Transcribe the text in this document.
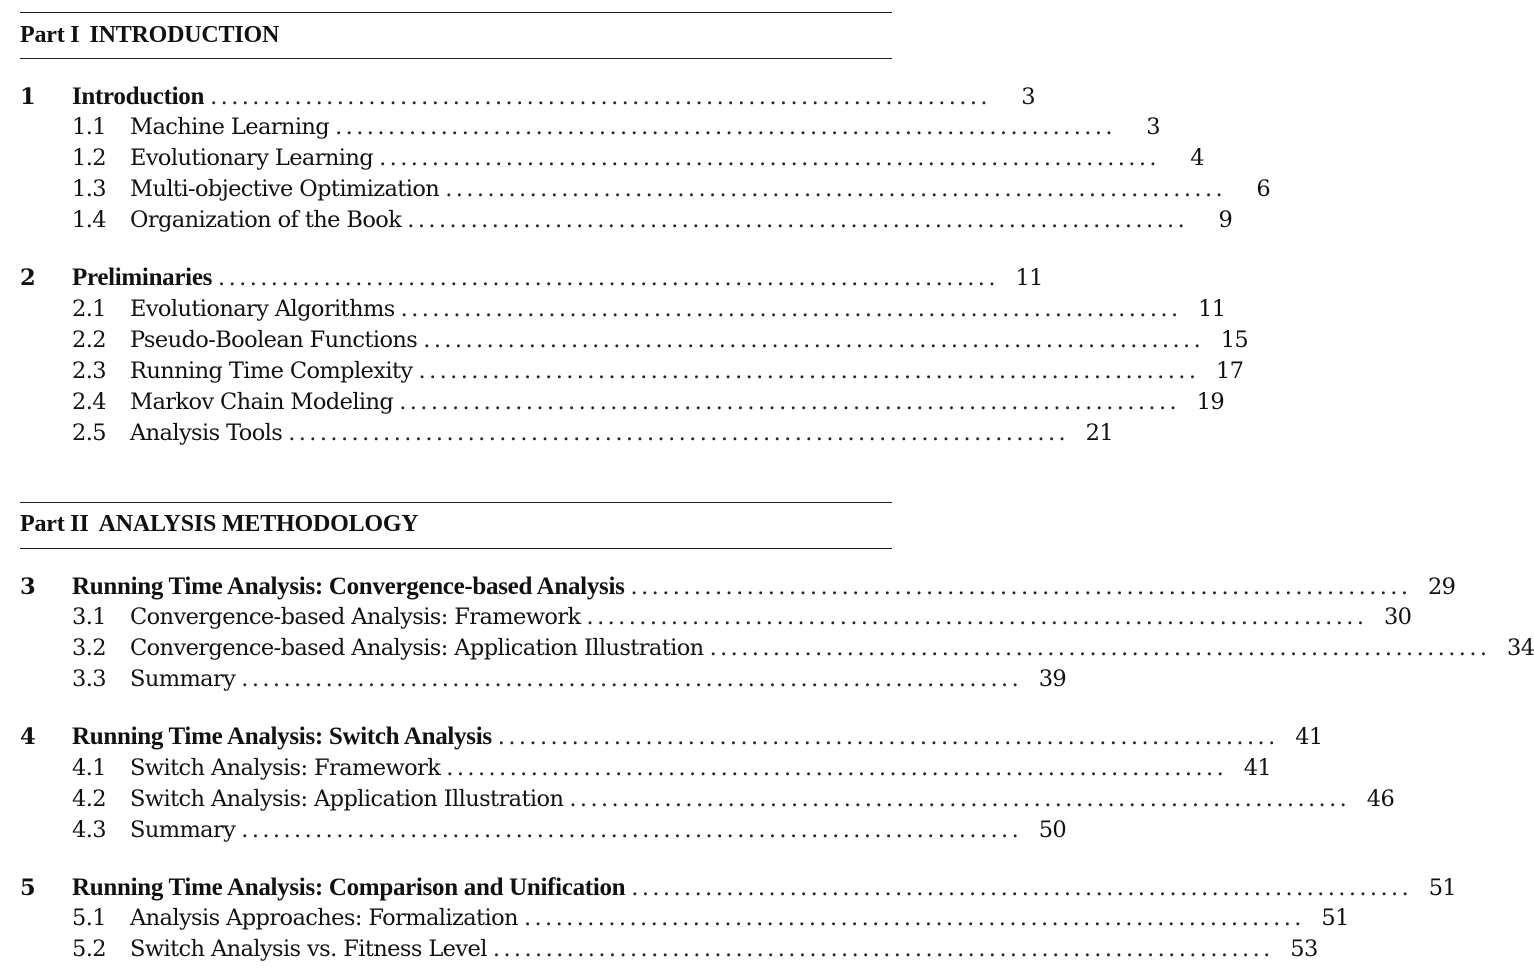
Part I INTRODUCTION
1	Introduction ..........................................................................	3
1.1	Machine Learning ..........................................................................	3
1.2	Evolutionary Learning ..........................................................................	4
1.3	Multi-objective Optimization ..........................................................................	6
1.4	Organization of the Book ..........................................................................	9
2	Preliminaries .......................................................................... 11
2.1	Evolutionary Algorithms .......................................................................... 11
2.2	Pseudo-Boolean Functions .......................................................................... 15
2.3	Running Time Complexity .......................................................................... 17
2.4	Markov Chain Modeling .......................................................................... 19
2.5	Analysis Tools .......................................................................... 21
Part II ANALYSIS METHODOLOGY
3	Running Time Analysis: Convergence-based Analysis .......................................................................... 29
3.1	Convergence-based Analysis: Framework .......................................................................... 30
3.2	Convergence-based Analysis: Application Illustration .......................................................................... 34
3.3	Summary .......................................................................... 39
4	Running Time Analysis: Switch Analysis .......................................................................... 41
4.1	Switch Analysis: Framework .......................................................................... 41
4.2	Switch Analysis: Application Illustration .......................................................................... 46
4.3	Summary .......................................................................... 50
5	Running Time Analysis: Comparison and Unification .......................................................................... 51
5.1	Analysis Approaches: Formalization .......................................................................... 51
5.2	Switch Analysis vs. Fitness Level .......................................................................... 53
